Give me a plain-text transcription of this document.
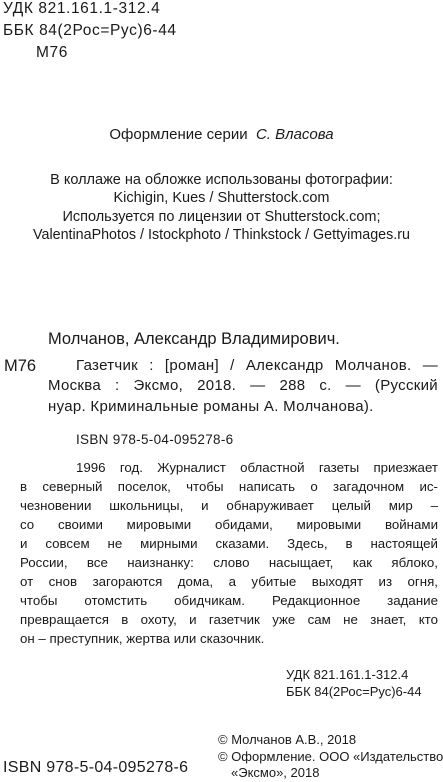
УДК 821.161.1-312.4
ББК 84(2Рос=Рус)6-44
М76
Оформление серии С. Власова
В коллаже на обложке использованы фотографии:
Kichigin, Kues / Shutterstock.com
Используется по лицензии от Shutterstock.com;
ValentinaPhotos / Istockphoto / Thinkstock / Gettyimages.ru
Молчанов, Александр Владимирович.
М76	Газетчик : [роман] / Александр Молчанов. —
Москва : Эксмо, 2018. — 288 с. — (Русский
нуар. Криминальные романы А. Молчанова).
ISBN 978-5-04-095278-6
1996 год. Журналист областной газеты приезжает
в северный поселок, чтобы написать о загадочном ис-
чезновении школьницы, и обнаруживает целый мир –
со своими мировыми обидами, мировыми войнами
и совсем не мирными сказами. Здесь, в настоящей
России, все наизнанку: слово насыщает, как яблоко,
от снов загораются дома, а убитые выходят из огня,
чтобы отомстить обидчикам. Редакционное задание
превращается в охоту, и газетчик уже сам не знает, кто
он – преступник, жертва или сказочник.
УДК 821.161.1-312.4
ББК 84(2Рос=Рус)6-44
© Молчанов А.В., 2018
© Оформление. ООО «Издательство
«Эксмо», 2018
ISBN 978-5-04-095278-6
